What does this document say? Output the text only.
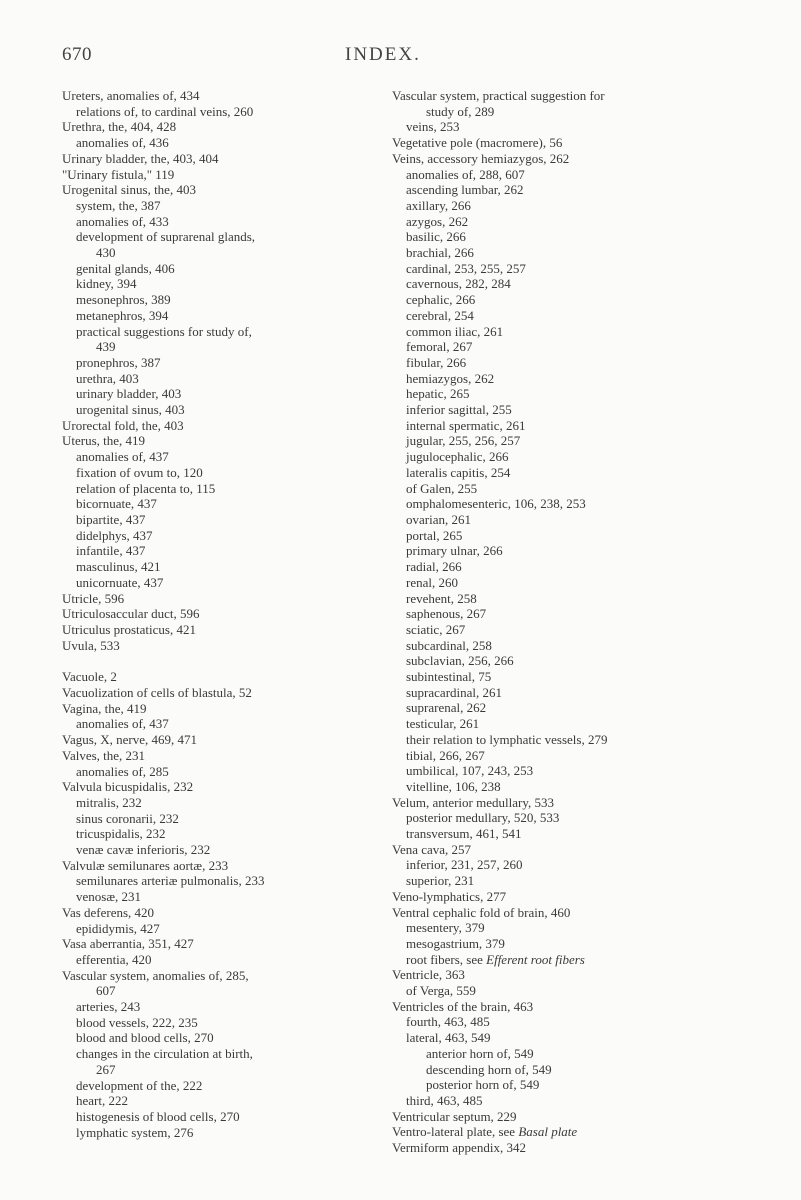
670	INDEX.
Ureters, anomalies of, 434
relations of, to cardinal veins, 260
Urethra, the, 404, 428
anomalies of, 436
Urinary bladder, the, 403, 404
"Urinary fistula," 119
Urogenital sinus, the, 403
system, the, 387
anomalies of, 433
development of suprarenal glands,
430
genital glands, 406
kidney, 394
mesonephros, 389
metanephros, 394
practical suggestions for study of,
439
pronephros, 387
urethra, 403
urinary bladder, 403
urogenital sinus, 403
Urorectal fold, the, 403
Uterus, the, 419
anomalies of, 437
fixation of ovum to, 120
relation of placenta to, 115
bicornuate, 437
bipartite, 437
didelphys, 437
infantile, 437
masculinus, 421
unicornuate, 437
Utricle, 596
Utriculosaccular duct, 596
Utriculus prostaticus, 421
Uvula, 533
Vacuole, 2
Vacuolization of cells of blastula, 52
Vagina, the, 419
anomalies of, 437
Vagus, X, nerve, 469, 471
Valves, the, 231
anomalies of, 285
Valvula bicuspidalis, 232
mitralis, 232
sinus coronarii, 232
tricuspidalis, 232
venæ cavæ inferioris, 232
Valvulæ semilunares aortæ, 233
semilunares arteriæ pulmonalis, 233
venosæ, 231
Vas deferens, 420
epididymis, 427
Vasa aberrantia, 351, 427
efferentia, 420
Vascular system, anomalies of, 285,
607
arteries, 243
blood vessels, 222, 235
blood and blood cells, 270
changes in the circulation at birth,
267
development of the, 222
heart, 222
histogenesis of blood cells, 270
lymphatic system, 276
Vascular system, practical suggestion for
study of, 289
veins, 253
Vegetative pole (macromere), 56
Veins, accessory hemiazygos, 262
anomalies of, 288, 607
ascending lumbar, 262
axillary, 266
azygos, 262
basilic, 266
brachial, 266
cardinal, 253, 255, 257
cavernous, 282, 284
cephalic, 266
cerebral, 254
common iliac, 261
femoral, 267
fibular, 266
hemiazygos, 262
hepatic, 265
inferior sagittal, 255
internal spermatic, 261
jugular, 255, 256, 257
jugulocephalic, 266
lateralis capitis, 254
of Galen, 255
omphalomesenteric, 106, 238, 253
ovarian, 261
portal, 265
primary ulnar, 266
radial, 266
renal, 260
revehent, 258
saphenous, 267
sciatic, 267
subcardinal, 258
subclavian, 256, 266
subintestinal, 75
supracardinal, 261
suprarenal, 262
testicular, 261
their relation to lymphatic vessels, 279
tibial, 266, 267
umbilical, 107, 243, 253
vitelline, 106, 238
Velum, anterior medullary, 533
posterior medullary, 520, 533
transversum, 461, 541
Vena cava, 257
inferior, 231, 257, 260
superior, 231
Veno-lymphatics, 277
Ventral cephalic fold of brain, 460
mesentery, 379
mesogastrium, 379
root fibers, see Efferent root fibers
Ventricle, 363
of Verga, 559
Ventricles of the brain, 463
fourth, 463, 485
lateral, 463, 549
anterior horn of, 549
descending horn of, 549
posterior horn of, 549
third, 463, 485
Ventricular septum, 229
Ventro-lateral plate, see Basal plate
Vermiform appendix, 342
